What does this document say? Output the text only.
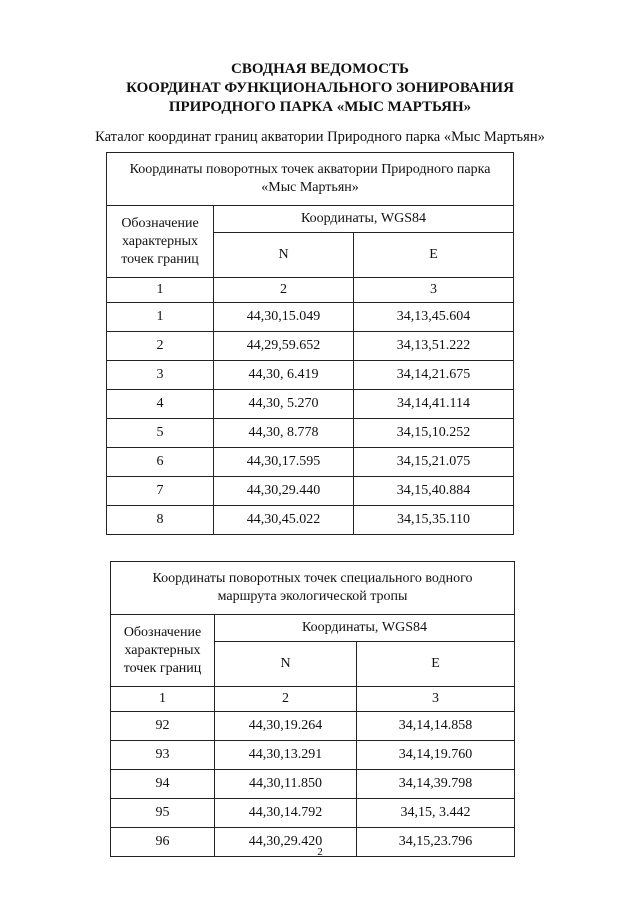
СВОДНАЯ ВЕДОМОСТЬ
КООРДИНАТ ФУНКЦИОНАЛЬНОГО ЗОНИРОВАНИЯ
ПРИРОДНОГО ПАРКА «МЫС МАРТЬЯН»
Каталог координат границ акватории Природного парка «Мыс Мартьян»
Координаты поворотных точек акватории Природного парка «Мыс Мартьян»		
Обозначение характерных точек границ	Координаты, WGS84	
	N	E
1	2	3
1	44,30,15.049	34,13,45.604
2	44,29,59.652	34,13,51.222
3	44,30, 6.419	34,14,21.675
4	44,30, 5.270	34,14,41.114
5	44,30, 8.778	34,15,10.252
6	44,30,17.595	34,15,21.075
7	44,30,29.440	34,15,40.884
8	44,30,45.022	34,15,35.110
Координаты поворотных точек специального водного маршрута экологической тропы		
Обозначение характерных точек границ	Координаты, WGS84	
	N	E
1	2	3
92	44,30,19.264	34,14,14.858
93	44,30,13.291	34,14,19.760
94	44,30,11.850	34,14,39.798
95	44,30,14.792	34,15, 3.442
96	44,30,29.420	34,15,23.796
2
